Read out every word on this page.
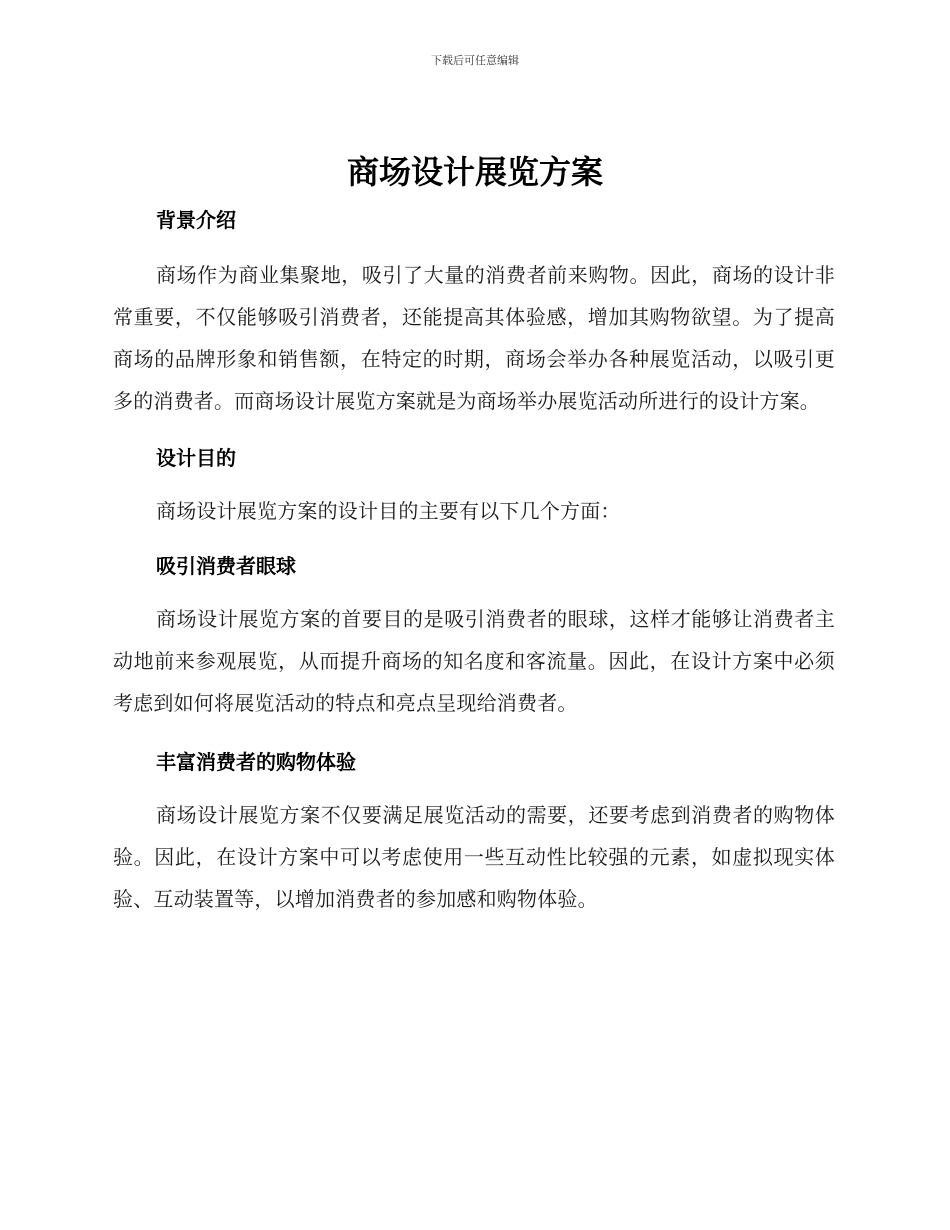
下载后可任意编辑
商场设计展览方案
背景介绍

商场作为商业集聚地，吸引了大量的消费者前来购物。因此，商场的设计非常重要，不仅能够吸引消费者，还能提高其体验感，增加其购物欲望。为了提高商场的品牌形象和销售额，在特定的时期，商场会举办各种展览活动，以吸引更多的消费者。而商场设计展览方案就是为商场举办展览活动所进行的设计方案。

设计目的

商场设计展览方案的设计目的主要有以下几个方面：

吸引消费者眼球

商场设计展览方案的首要目的是吸引消费者的眼球，这样才能够让消费者主动地前来参观展览，从而提升商场的知名度和客流量。因此，在设计方案中必须考虑到如何将展览活动的特点和亮点呈现给消费者。

丰富消费者的购物体验

商场设计展览方案不仅要满足展览活动的需要，还要考虑到消费者的购物体验。因此，在设计方案中可以考虑使用一些互动性比较强的元素，如虚拟现实体验、互动装置等，以增加消费者的参加感和购物体验。
